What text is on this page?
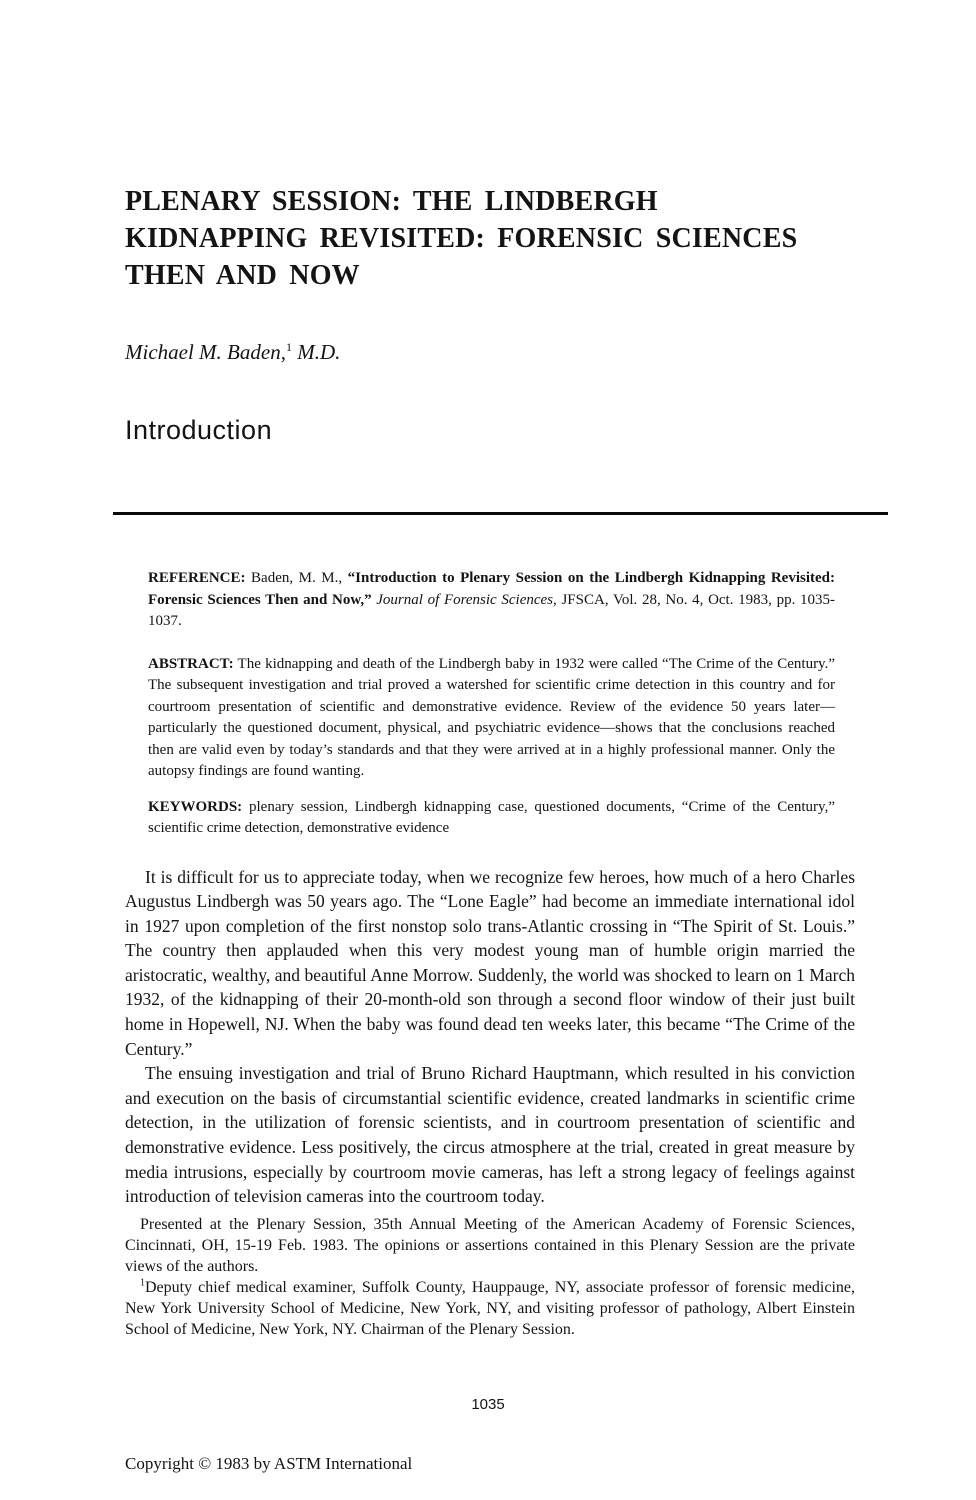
PLENARY SESSION: THE LINDBERGH
KIDNAPPING REVISITED: FORENSIC SCIENCES
THEN AND NOW
Michael M. Baden,$^1$ M.D.
Introduction

REFERENCE: Baden, M. M., “Introduction to Plenary Session on the Lindbergh Kidnapping Revisited: Forensic Sciences Then and Now,” Journal of Forensic Sciences, JFSCA, Vol. 28, No. 4, Oct. 1983, pp. 1035-1037.

ABSTRACT: The kidnapping and death of the Lindbergh baby in 1932 were called “The Crime of the Century.” The subsequent investigation and trial proved a watershed for scientific crime detection in this country and for courtroom presentation of scientific and demonstrative evidence. Review of the evidence 50 years later—particularly the questioned document, physical, and psychiatric evidence—shows that the conclusions reached then are valid even by today’s standards and that they were arrived at in a highly professional manner. Only the autopsy findings are found wanting.

KEYWORDS: plenary session, Lindbergh kidnapping case, questioned documents, “Crime of the Century,” scientific crime detection, demonstrative evidence

It is difficult for us to appreciate today, when we recognize few heroes, how much of a hero Charles Augustus Lindbergh was 50 years ago. The “Lone Eagle” had become an immediate international idol in 1927 upon completion of the first nonstop solo trans-Atlantic crossing in “The Spirit of St. Louis.” The country then applauded when this very modest young man of humble origin married the aristocratic, wealthy, and beautiful Anne Morrow. Suddenly, the world was shocked to learn on 1 March 1932, of the kidnapping of their 20-month-old son through a second floor window of their just built home in Hopewell, NJ. When the baby was found dead ten weeks later, this became “The Crime of the Century.”

The ensuing investigation and trial of Bruno Richard Hauptmann, which resulted in his conviction and execution on the basis of circumstantial scientific evidence, created landmarks in scientific crime detection, in the utilization of forensic scientists, and in courtroom presentation of scientific and demonstrative evidence. Less positively, the circus atmosphere at the trial, created in great measure by media intrusions, especially by courtroom movie cameras, has left a strong legacy of feelings against introduction of television cameras into the courtroom today.

Presented at the Plenary Session, 35th Annual Meeting of the American Academy of Forensic Sciences, Cincinnati, OH, 15-19 Feb. 1983. The opinions or assertions contained in this Plenary Session are the private views of the authors.

$^1$Deputy chief medical examiner, Suffolk County, Hauppauge, NY, associate professor of forensic medicine, New York University School of Medicine, New York, NY, and visiting professor of pathology, Albert Einstein School of Medicine, New York, NY. Chairman of the Plenary Session.

1035
Copyright © 1983 by ASTM International
